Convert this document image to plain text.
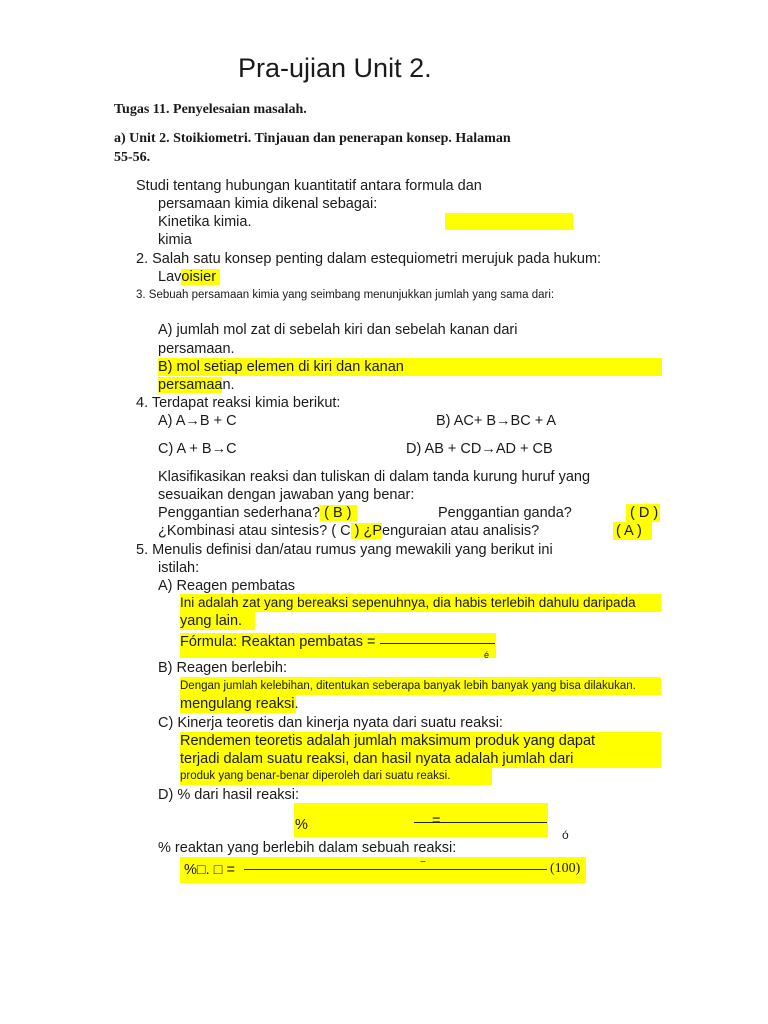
Pra-ujian Unit 2.
Tugas 11. Penyelesaian masalah.
a) Unit 2. Stoikiometri. Tinjauan dan penerapan konsep. Halaman
55-56.
Studi tentang hubungan kuantitatif antara formula dan
persamaan kimia dikenal sebagai:
Kinetika kimia.
kimia
2. Salah satu konsep penting dalam estequiometri merujuk pada hukum:
Lavoisier
3. Sebuah persamaan kimia yang seimbang menunjukkan jumlah yang sama dari:
A) jumlah mol zat di sebelah kiri dan sebelah kanan dari
persamaan.
B) mol setiap elemen di kiri dan kanan
persamaan.
4. Terdapat reaksi kimia berikut:
A) A→B + C	B) AC+ B→BC + A
C) A + B→C	D) AB + CD→AD + CB
Klasifikasikan reaksi dan tuliskan di dalam tanda kurung huruf yang
sesuaikan dengan jawaban yang benar:
Penggantian sederhana? ( B )	Penggantian ganda?	( D )
¿Kombinasi atau sintesis? ( C ) ¿Penguraian atau analisis?	( A )
5. Menulis definisi dan/atau rumus yang mewakili yang berikut ini
istilah:
A) Reagen pembatas
Ini adalah zat yang bereaksi sepenuhnya, dia habis terlebih dahulu daripada
yang lain.
Fórmula: Reaktan pembatas =
é
B) Reagen berlebih:
Dengan jumlah kelebihan, ditentukan seberapa banyak lebih banyak yang bisa dilakukan.
mengulang reaksi.
C) Kinerja teoretis dan kinerja nyata dari suatu reaksi:
Rendemen teoretis adalah jumlah maksimum produk yang dapat
terjadi dalam suatu reaksi, dan hasil nyata adalah jumlah dari
produk yang benar-benar diperoleh dari suatu reaksi.
D) % dari hasil reaksi:
%	=
ó
% reaktan yang berlebih dalam sebuah reaksi:
%□. □ =	−	(100)
